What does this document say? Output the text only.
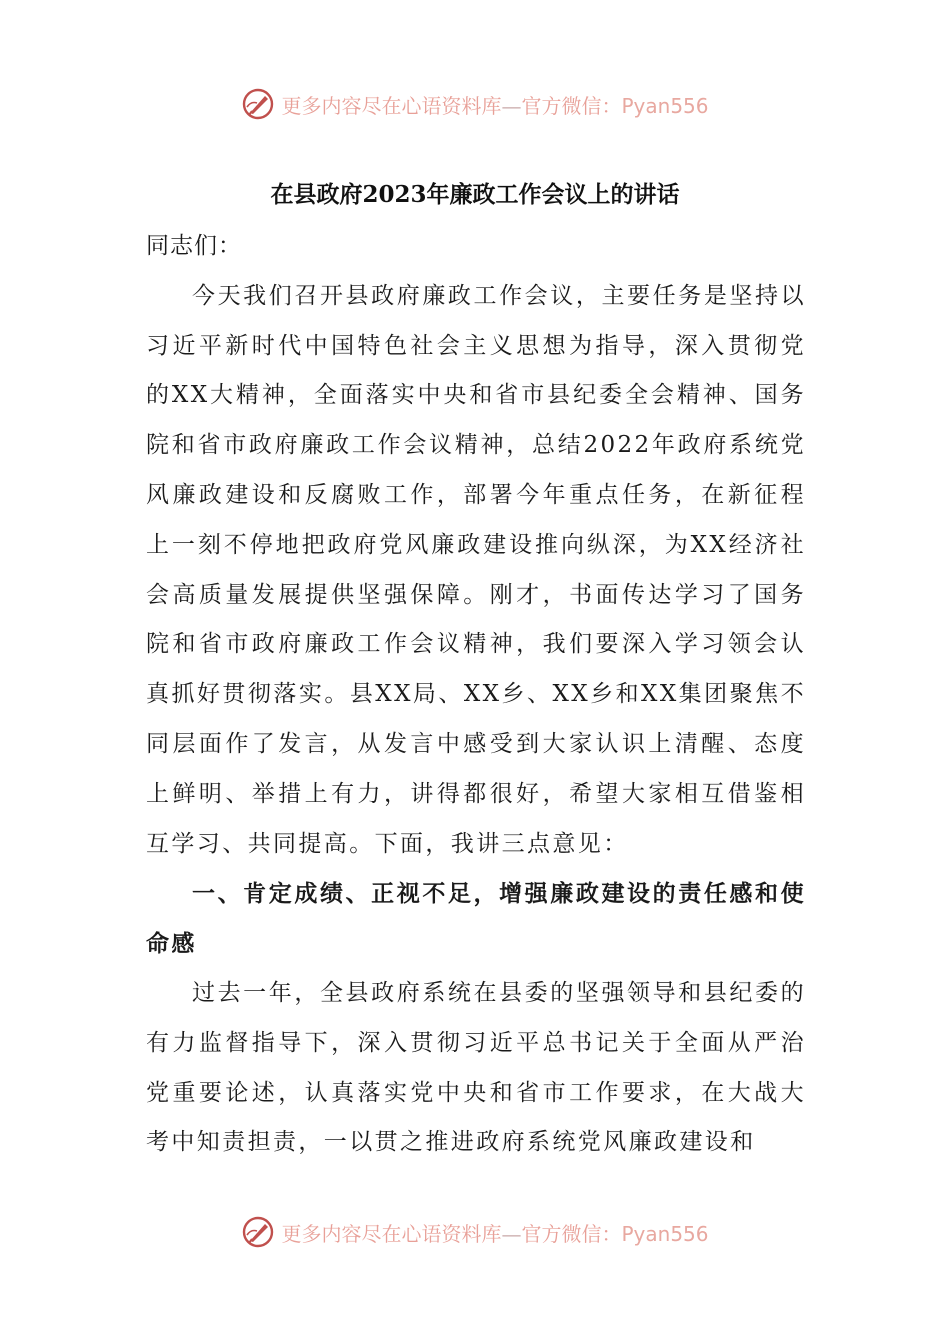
更多内容尽在心语资料库—官方微信：Pyan556
在县政府2023年廉政工作会议上的讲话

同志们：

今天我们召开县政府廉政工作会议，主要任务是坚持以习近平新时代中国特色社会主义思想为指导，深入贯彻党的XX大精神，全面落实中央和省市县纪委全会精神、国务院和省市政府廉政工作会议精神，总结2022年政府系统党风廉政建设和反腐败工作，部署今年重点任务，在新征程上一刻不停地把政府党风廉政建设推向纵深，为XX经济社会高质量发展提供坚强保障。刚才，书面传达学习了国务院和省市政府廉政工作会议精神，我们要深入学习领会认真抓好贯彻落实。县XX局、XX乡、XX乡和XX集团聚焦不同层面作了发言，从发言中感受到大家认识上清醒、态度上鲜明、举措上有力，讲得都很好，希望大家相互借鉴相互学习、共同提高。下面，我讲三点意见：

一、肯定成绩、正视不足，增强廉政建设的责任感和使命感

过去一年，全县政府系统在县委的坚强领导和县纪委的有力监督指导下，深入贯彻习近平总书记关于全面从严治党重要论述，认真落实党中央和省市工作要求，在大战大考中知责担责，一以贯之推进政府系统党风廉政建设和

更多内容尽在心语资料库—官方微信：Pyan556
